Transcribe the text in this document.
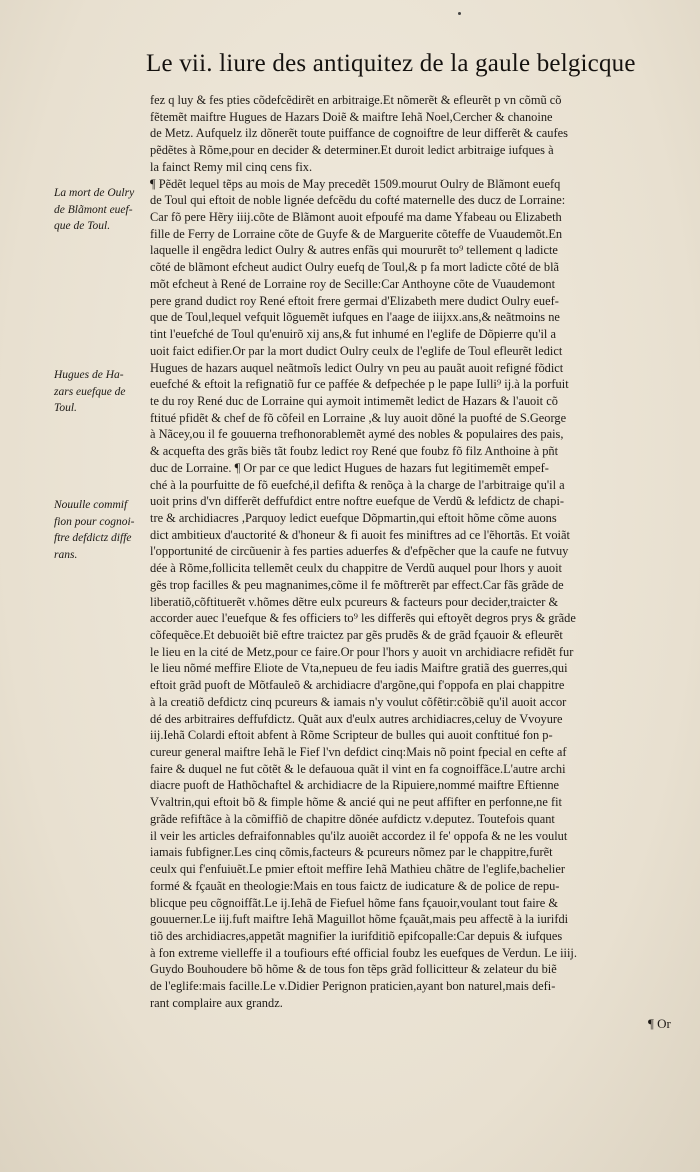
Le vii. liure des antiquitez de la gaule belgicque
La mort de Oulry
de Blãmont euef-
que de Toul.
Hugues de Ha-
zars euefque de
Toul.
Nouulle commif
fion pour cognoi-
ftre defdictz diffe
rans.
fez q luy & fes pties cõdefcẽdirẽt en arbitraige.Et nõmerẽt & efleurẽt p vn cõmũ cõ
fẽtemẽt maiftre Hugues de Hazars Doiẽ & maiftre Iehã Noel,Cercher & chanoine
de Metz. Aufquelz ilz dõnerẽt toute puiffance de cognoiftre de leur differẽt & caufes
pẽdẽtes à Rõme,pour en decider & determiner.Et duroit ledict arbitraige iufques à
la fainct Remy mil cinq cens fix.
¶ Pẽdẽt lequel tẽps au mois de May precedẽt 1509.mourut Oulry de Blãmont euefq
de Toul qui eftoit de noble lignée defcẽdu du cofté maternelle des ducz de Lorraine:
Car fõ pere Hẽry iiij.cõte de Blãmont auoit efpoufé ma dame Yfabeau ou Elizabeth
fille de Ferry de Lorraine cõte de Guyfe & de Marguerite cõteffe de Vuaudemõt.En
laquelle il engẽdra ledict Oulry & autres enfãs qui moururẽt to⁹ tellement q ladicte
cõté de blãmont efcheut audict Oulry euefq de Toul,& p fa mort ladicte cõté de blã
mõt efcheut à René de Lorraine roy de Secille:Car Anthoyne cõte de Vuaudemont
pere grand dudict roy René eftoit frere germai d'Elizabeth mere dudict Oulry euef-
que de Toul,lequel vefquit lõguemẽt iufques en l'aage de iiijxx.ans,& neãtmoins ne
tint l'euefché de Toul qu'enuirõ xij ans,& fut inhumé en l'eglife de Dõpierre qu'il a
uoit faict edifier.Or par la mort dudict Oulry ceulx de l'eglife de Toul efleurẽt ledict
Hugues de hazars auquel neãtmoĩs ledict Oulry vn peu au pauãt auoit refigné fõdict
euefché & eftoit la refignatiõ fur ce paffée & defpechée p le pape Iulli⁹ ij.à la porfuit
te du roy René duc de Lorraine qui aymoit intimemẽt ledict de Hazars & l'auoit cõ
ftitué pfidẽt & chef de fõ cõfeil en Lorraine ,& luy auoit dõné la puofté de S.George
à Nãcey,ou il fe gouuerna trefhonorablemẽt aymé des nobles & populaires des pais,
& acquefta des grãs biẽs tãt foubz ledict roy René que foubz fõ filz Anthoine à pñt
duc de Lorraine. ¶ Or par ce que ledict Hugues de hazars fut legitimemẽt empef-
ché à la pourfuitte de fõ euefché,il defifta & renõça à la charge de l'arbitraige qu'il a
uoit prins d'vn differẽt deffufdict entre noftre euefque de Verdũ & lefdictz de chapi-
tre & archidiacres ,Parquoy ledict euefque Dõpmartin,qui eftoit hõme cõme auons
dict ambitieux d'auctorité & d'honeur & fi auoit fes miniftres ad ce l'ẽhortãs. Et voiãt
l'opportunité de circũuenir à fes parties aduerfes & d'efpẽcher que la caufe ne futvuy
dée à Rõme,follicita tellemẽt ceulx du chappitre de Verdũ auquel pour lhors y auoit
gẽs trop facilles & peu magnanimes,cõme il fe mõftrerẽt par effect.Car fãs grãde de
liberatiõ,cõftituerẽt v.hõmes dẽtre eulx pcureurs & facteurs pour decider,traicter &
accorder auec l'euefque & fes officiers to⁹ les differẽs qui eftoyẽt degros prys & grãde
cõfequẽce.Et debuoiẽt biẽ eftre traictez par gẽs prudẽs & de grãd fçauoir & efleurẽt
le lieu en la cité de Metz,pour ce faire.Or pour l'hors y auoit vn archidiacre refidẽt fur
le lieu nõmé meffire Eliote de Vta,nepueu de feu iadis Maiftre gratiã des guerres,qui
eftoit grãd puoft de Mõtfauleõ & archidiacre d'argõne,qui f'oppofa en plai chappitre
à la creatiõ defdictz cinq pcureurs & iamais n'y voulut cõfẽtir:cõbiẽ qu'il auoit accor
dé des arbitraires deffufdictz. Quãt aux d'eulx autres archidiacres,celuy de Vvoyure
iij.Iehã Colardi eftoit abfent à Rõme Scripteur de bulles qui auoit conftitué fon p-
cureur general maiftre Iehã le Fief l'vn defdict cinq:Mais nõ point fpecial en cefte af
faire & duquel ne fut cõtẽt & le defauoua quãt il vint en fa cognoiffãce.L'autre archi
diacre puoft de Hathõchaftel & archidiacre de la Ripuiere,nommé maiftre Eftienne
Vvaltrin,qui eftoit bõ & fimple hõme & ancié qui ne peut affifter en perfonne,ne fit
grãde refiftãce à la cõmiffiõ de chapitre dõnée aufdictz v.deputez. Toutefois quant
il veir les articles defraifonnables qu'ilz auoiẽt accordez il fe' oppofa & ne les voulut
iamais fubfigner.Les cinq cõmis,facteurs & pcureurs nõmez par le chappitre,furẽt
ceulx qui f'enfuiuẽt.Le pmier eftoit meffire Iehã Mathieu chãtre de l'eglife,bachelier
formé & fçauãt en theologie:Mais en tous faictz de iudicature & de police de repu-
blicque peu cõgnoiffãt.Le ij.Iehã de Fiefuel hõme fans fçauoir,voulant tout faire &
gouuerner.Le iij.fuft maiftre Iehã Maguillot hõme fçauãt,mais peu affectẽ à la iurifdi
tiõ des archidiacres,appetãt magnifier la iurifditiõ epifcopalle:Car depuis & iufques
à fon extreme vielleffe il a toufiours efté official foubz les euefques de Verdun. Le iiij.
Guydo Bouhoudere bõ hõme & de tous fon tẽps grãd follicitteur & zelateur du biẽ
de l'eglife:mais facille.Le v.Didier Perignon praticien,ayant bon naturel,mais defi-
rant complaire aux grandz.
¶ Or
